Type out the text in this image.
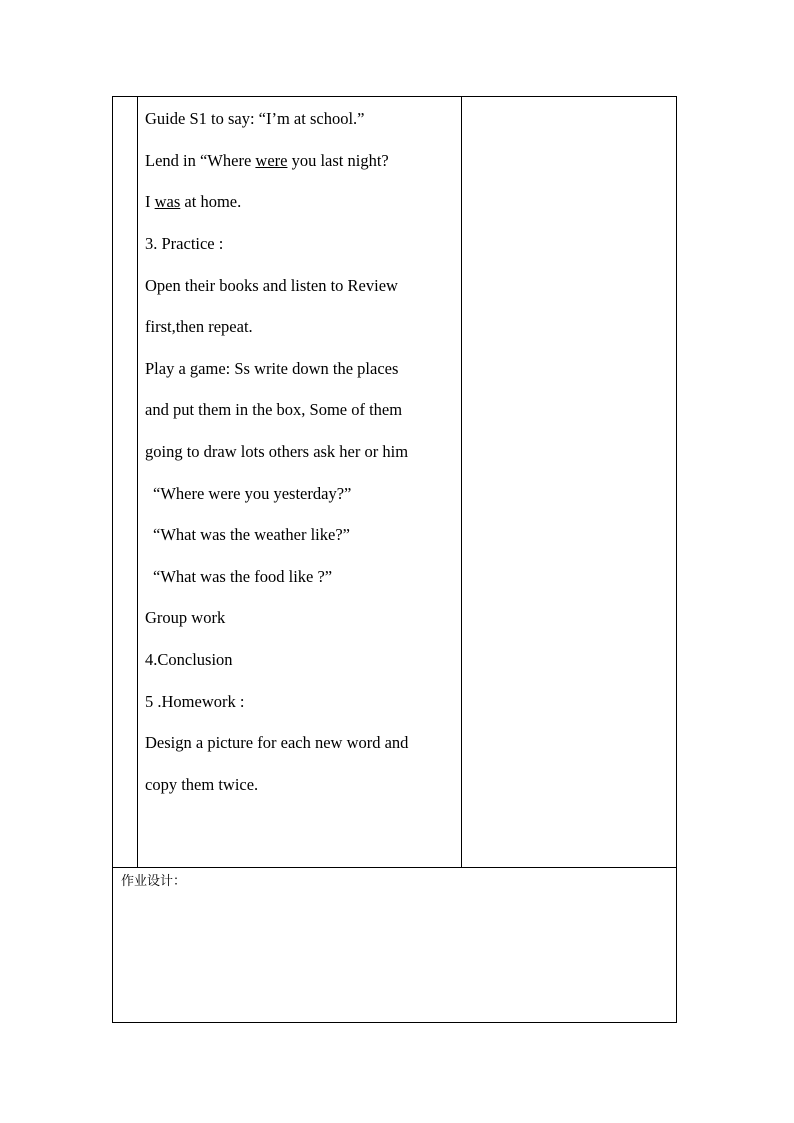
Guide S1 to say: “I’m at school.”
Lend in “Where were you last night?
I was at home.
3. Practice :
Open their books and listen to Review
first,then repeat.
Play a game: Ss write down the places
and put them in the box, Some of them
going to draw lots others ask her or him
“Where were you yesterday?”
“What was the weather like?”
“What was the food like ?”
Group work
4.Conclusion
5 .Homework :
Design a picture for each new word and
copy them twice.
作业设计：
